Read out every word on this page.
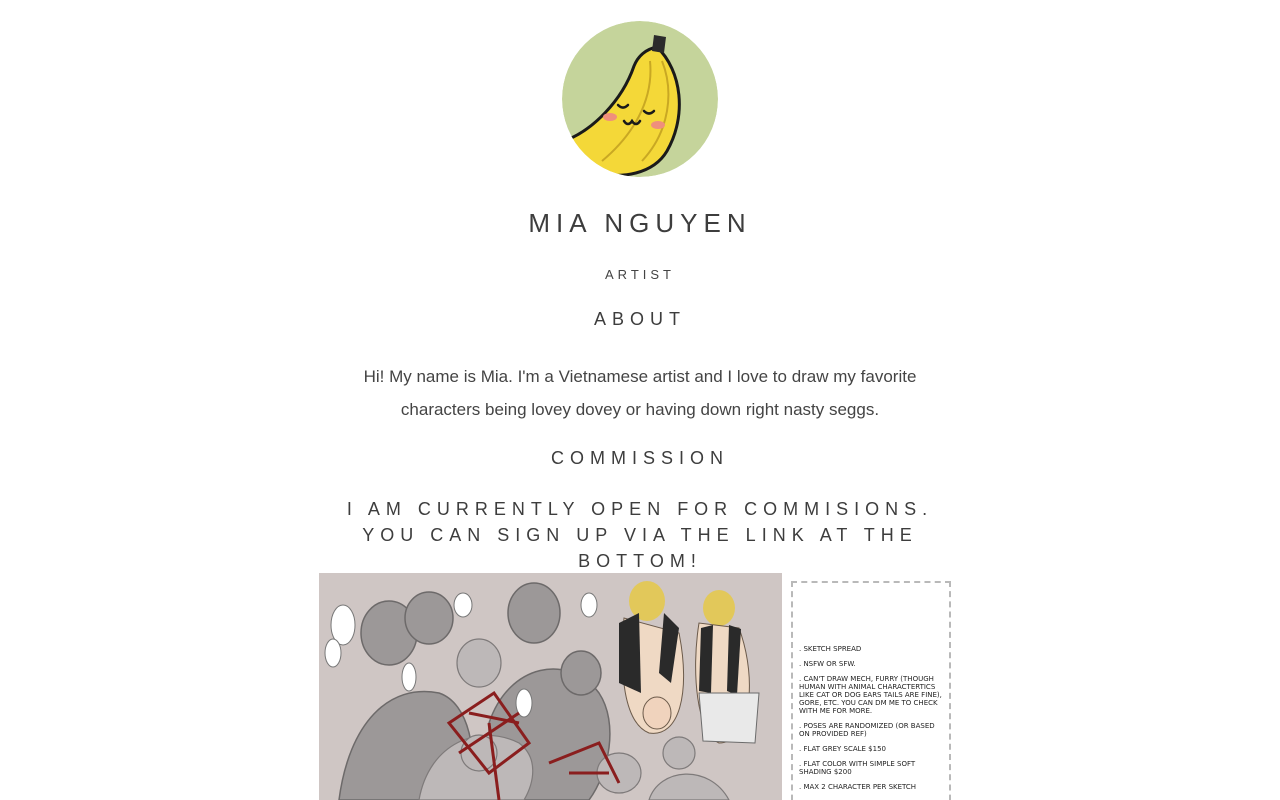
MIA NGUYEN
ARTIST
ABOUT
Hi! My name is Mia. I'm a Vietnamese artist and I love to draw my favorite characters being lovey dovey or having down right nasty seggs.
COMMISSION
I AM CURRENTLY OPEN FOR COMMISIONS. YOU CAN SIGN UP VIA THE LINK AT THE BOTTOM!
. SKETCH SPREAD
. NSFW OR SFW.
. CAN'T DRAW MECH, FURRY (THOUGH HUMAN WITH ANIMAL CHARACTERTICS LIKE CAT OR DOG EARS TAILS ARE FINE), GORE, ETC. YOU CAN DM ME TO CHECK WITH ME FOR MORE.
. POSES ARE RANDOMIZED (OR BASED ON PROVIDED REF)
. FLAT GREY SCALE $150
. FLAT COLOR WITH SIMPLE SOFT SHADING $200
. MAX 2 CHARACTER PER SKETCH
